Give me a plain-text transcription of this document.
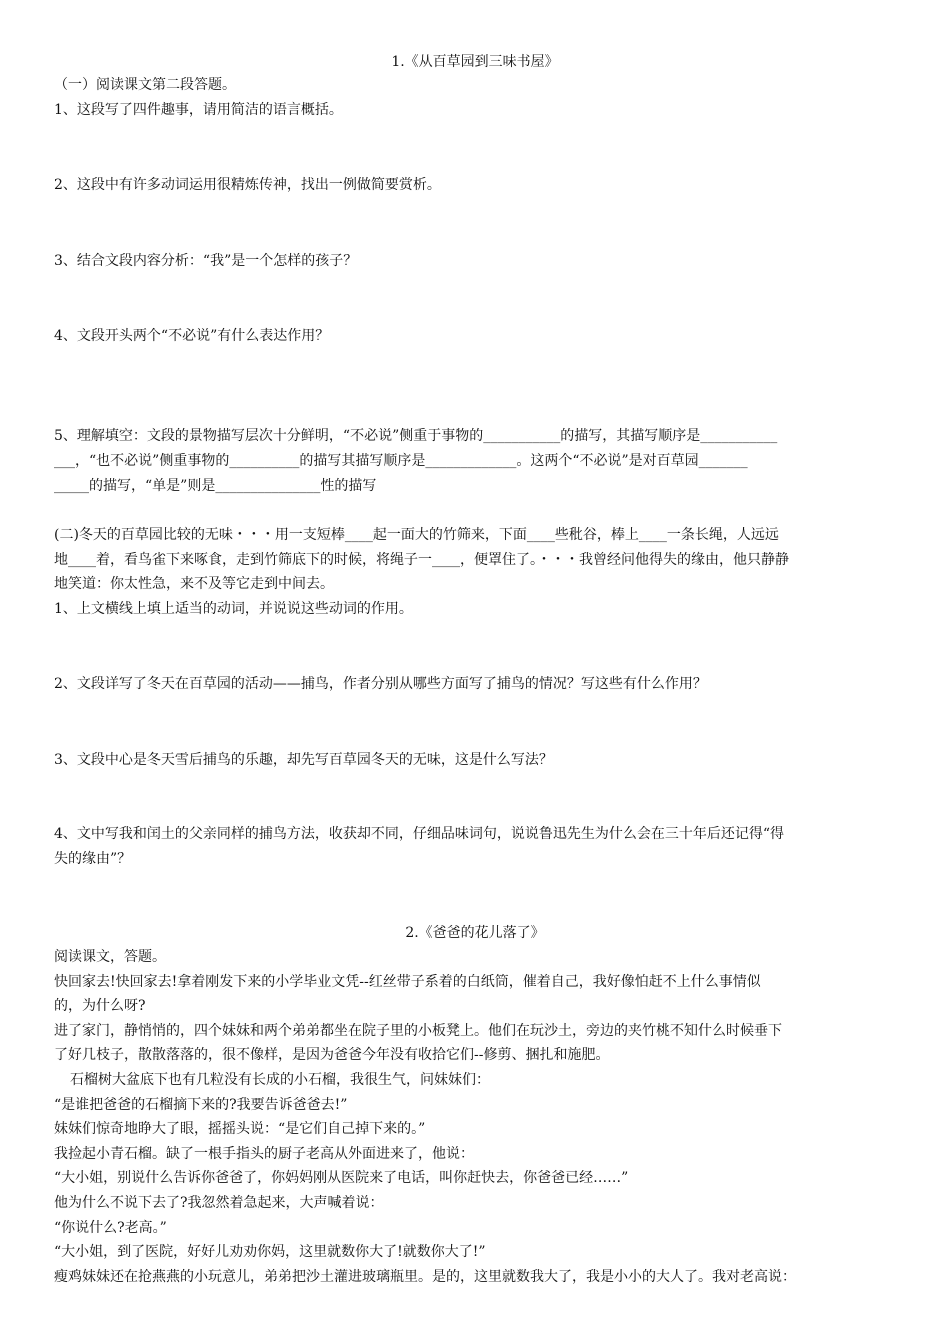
1.《从百草园到三味书屋》
（一）阅读课文第二段答题。
1、这段写了四件趣事，请用简洁的语言概括。
2、这段中有许多动词运用很精炼传神，找出一例做简要赏析。
3、结合文段内容分析：“我”是一个怎样的孩子？
4、文段开头两个“不必说”有什么表达作用？
5、理解填空：文段的景物描写层次十分鲜明，“不必说”侧重于事物的___________的描写，其描写顺序是___________
___，“也不必说”侧重事物的__________的描写其描写顺序是_____________。这两个“不必说”是对百草园_______
_____的描写，“单是”则是_______________性的描写
(二)冬天的百草园比较的无味・・・用一支短棒____起一面大的竹筛来，下面____些秕谷，棒上____一条长绳，人远远
地____着，看鸟雀下来啄食，走到竹筛底下的时候，将绳子一____，便罩住了。・・・我曾经问他得失的缘由，他只静静
地笑道：你太性急，来不及等它走到中间去。
1、上文横线上填上适当的动词，并说说这些动词的作用。
2、文段详写了冬天在百草园的活动——捕鸟，作者分别从哪些方面写了捕鸟的情况？写这些有什么作用？
3、文段中心是冬天雪后捕鸟的乐趣，却先写百草园冬天的无味，这是什么写法？
4、文中写我和闰土的父亲同样的捕鸟方法，收获却不同，仔细品味词句，说说鲁迅先生为什么会在三十年后还记得“得
失的缘由”？
2.《爸爸的花儿落了》
阅读课文，答题。
快回家去!快回家去!拿着刚发下来的小学毕业文凭--红丝带子系着的白纸筒，催着自己，我好像怕赶不上什么事情似
的，为什么呀?
进了家门，静悄悄的，四个妹妹和两个弟弟都坐在院子里的小板凳上。他们在玩沙土，旁边的夹竹桃不知什么时候垂下
了好几枝子，散散落落的，很不像样，是因为爸爸今年没有收拾它们--修剪、捆扎和施肥。
石榴树大盆底下也有几粒没有长成的小石榴，我很生气，问妹妹们：
“是谁把爸爸的石榴摘下来的?我要告诉爸爸去!”
妹妹们惊奇地睁大了眼，摇摇头说：“是它们自己掉下来的。”
我捡起小青石榴。缺了一根手指头的厨子老高从外面进来了，他说：
“大小姐，别说什么告诉你爸爸了，你妈妈刚从医院来了电话，叫你赶快去，你爸爸已经……”
他为什么不说下去了?我忽然着急起来，大声喊着说：
“你说什么?老高。”
“大小姐，到了医院，好好儿劝劝你妈，这里就数你大了!就数你大了!”
瘦鸡妹妹还在抢燕燕的小玩意儿，弟弟把沙土灌进玻璃瓶里。是的，这里就数我大了，我是小小的大人了。我对老高说：
